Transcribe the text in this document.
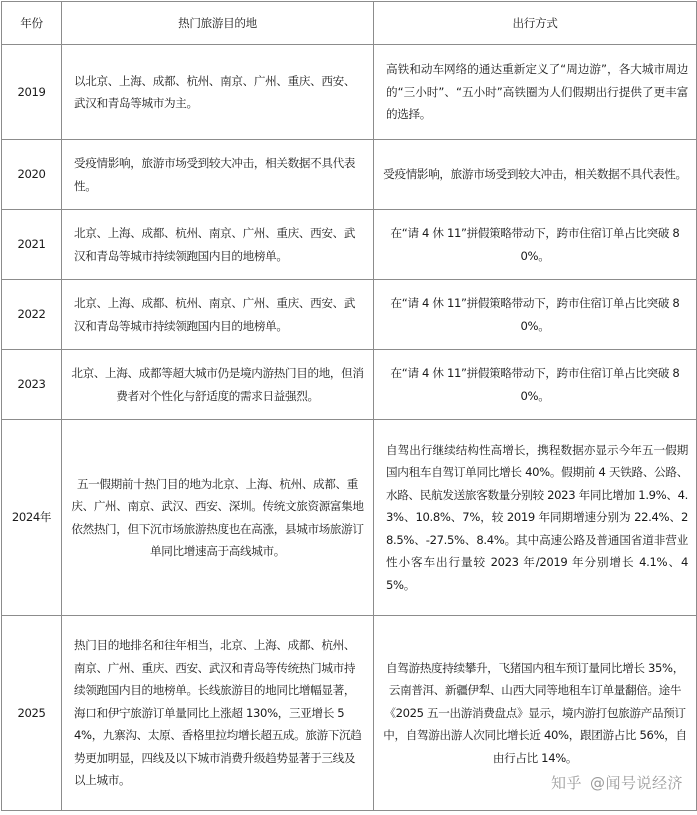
年份	热门旅游目的地	出行方式
2019	以北京、上海、成都、杭州、南京、广州、重庆、西安、武汉和青岛等城市为主。	高铁和动车网络的通达重新定义了“周边游”，各大城市周边的“三小时”、“五小时”高铁圈为人们假期出行提供了更丰富的选择。
2020	受疫情影响，旅游市场受到较大冲击，相关数据不具代表性。	受疫情影响，旅游市场受到较大冲击，相关数据不具代表性。
2021	北京、上海、成都、杭州、南京、广州、重庆、西安、武汉和青岛等城市持续领跑国内目的地榜单。	在“请 4 休 11”拼假策略带动下，跨市住宿订单占比突破 80%。
2022	北京、上海、成都、杭州、南京、广州、重庆、西安、武汉和青岛等城市持续领跑国内目的地榜单。	在“请 4 休 11”拼假策略带动下，跨市住宿订单占比突破 80%。
2023	北京、上海、成都等超大城市仍是境内游热门目的地，但消费者对个性化与舒适度的需求日益强烈。	在“请 4 休 11”拼假策略带动下，跨市住宿订单占比突破 80%。
2024年	五一假期前十热门目的地为北京、上海、杭州、成都、重庆、广州、南京、武汉、西安、深圳。传统文旅资源富集地依然热门，但下沉市场旅游热度也在高涨，县城市场旅游订单同比增速高于高线城市。	自驾出行继续结构性高增长，携程数据亦显示今年五一假期国内租车自驾订单同比增长 40%。假期前 4 天铁路、公路、水路、民航发送旅客数量分别较 2023 年同比增加 1.9%、4.3%、10.8%、7%，较 2019 年同期增速分别为 22.4%、28.5%、-27.5%、8.4%。其中高速公路及普通国省道非营业性小客车出行量较 2023 年/2019 年分别增长 4.1%、45%。
2025	热门目的地排名和往年相当，北京、上海、成都、杭州、南京、广州、重庆、西安、武汉和青岛等传统热门城市持续领跑国内目的地榜单。长线旅游目的地同比增幅显著，海口和伊宁旅游订单量同比上涨超 130%，三亚增长 54%，九寨沟、太原、香格里拉均增长超五成。旅游下沉趋势更加明显，四线及以下城市消费升级趋势显著于三线及以上城市。	自驾游热度持续攀升，飞猪国内租车预订量同比增长 35%，云南普洱、新疆伊犁、山西大同等地租车订单量翻倍。途牛《2025 五一出游消费盘点》显示，境内游打包旅游产品预订中，自驾游出游人次同比增长近 40%，跟团游占比 56%，自由行占比 14%。
知乎 @闻号说经济
